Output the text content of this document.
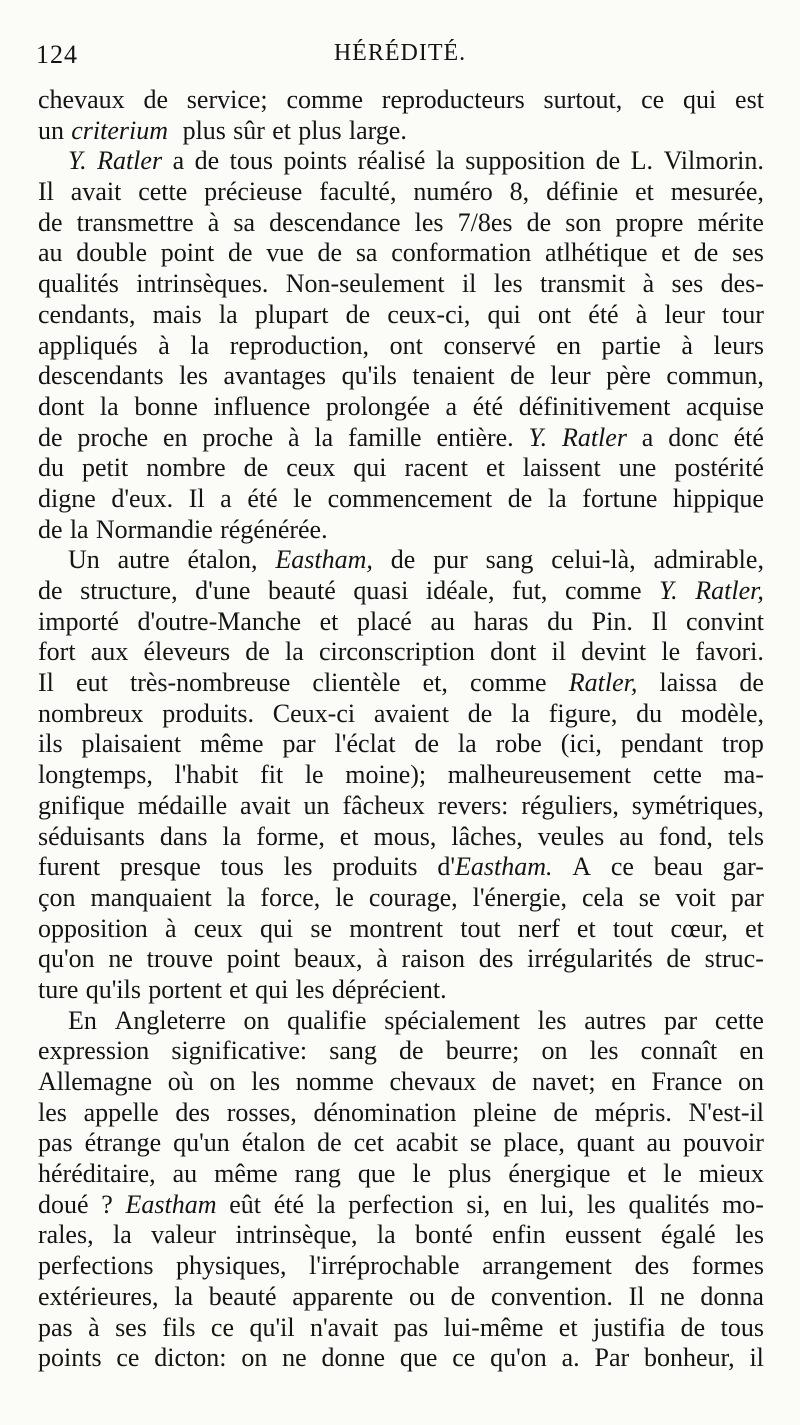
124	HÉRÉDITÉ.
chevaux de service; comme reproducteurs surtout, ce qui est
un criterium plus sûr et plus large.
Y. Ratler a de tous points réalisé la supposition de L. Vilmorin.
Il avait cette précieuse faculté, numéro 8, définie et mesurée,
de transmettre à sa descendance les 7/8es de son propre mérite
au double point de vue de sa conformation atlhétique et de ses
qualités intrinsèques. Non-seulement il les transmit à ses des-
cendants, mais la plupart de ceux-ci, qui ont été à leur tour
appliqués à la reproduction, ont conservé en partie à leurs
descendants les avantages qu'ils tenaient de leur père commun,
dont la bonne influence prolongée a été définitivement acquise
de proche en proche à la famille entière. Y. Ratler a donc été
du petit nombre de ceux qui racent et laissent une postérité
digne d'eux. Il a été le commencement de la fortune hippique
de la Normandie régénérée.
Un autre étalon, Eastham, de pur sang celui-là, admirable,
de structure, d'une beauté quasi idéale, fut, comme Y. Ratler,
importé d'outre-Manche et placé au haras du Pin. Il convint
fort aux éleveurs de la circonscription dont il devint le favori.
Il eut très-nombreuse clientèle et, comme Ratler, laissa de
nombreux produits. Ceux-ci avaient de la figure, du modèle,
ils plaisaient même par l'éclat de la robe (ici, pendant trop
longtemps, l'habit fit le moine); malheureusement cette ma-
gnifique médaille avait un fâcheux revers: réguliers, symétriques,
séduisants dans la forme, et mous, lâches, veules au fond, tels
furent presque tous les produits d'Eastham. A ce beau gar-
çon manquaient la force, le courage, l'énergie, cela se voit par
opposition à ceux qui se montrent tout nerf et tout cœur, et
qu'on ne trouve point beaux, à raison des irrégularités de struc-
ture qu'ils portent et qui les déprécient.
En Angleterre on qualifie spécialement les autres par cette
expression significative: sang de beurre; on les connaît en
Allemagne où on les nomme chevaux de navet; en France on
les appelle des rosses, dénomination pleine de mépris. N'est-il
pas étrange qu'un étalon de cet acabit se place, quant au pouvoir
héréditaire, au même rang que le plus énergique et le mieux
doué ? Eastham eût été la perfection si, en lui, les qualités mo-
rales, la valeur intrinsèque, la bonté enfin eussent égalé les
perfections physiques, l'irréprochable arrangement des formes
extérieures, la beauté apparente ou de convention. Il ne donna
pas à ses fils ce qu'il n'avait pas lui-même et justifia de tous
points ce dicton: on ne donne que ce qu'on a. Par bonheur, il
